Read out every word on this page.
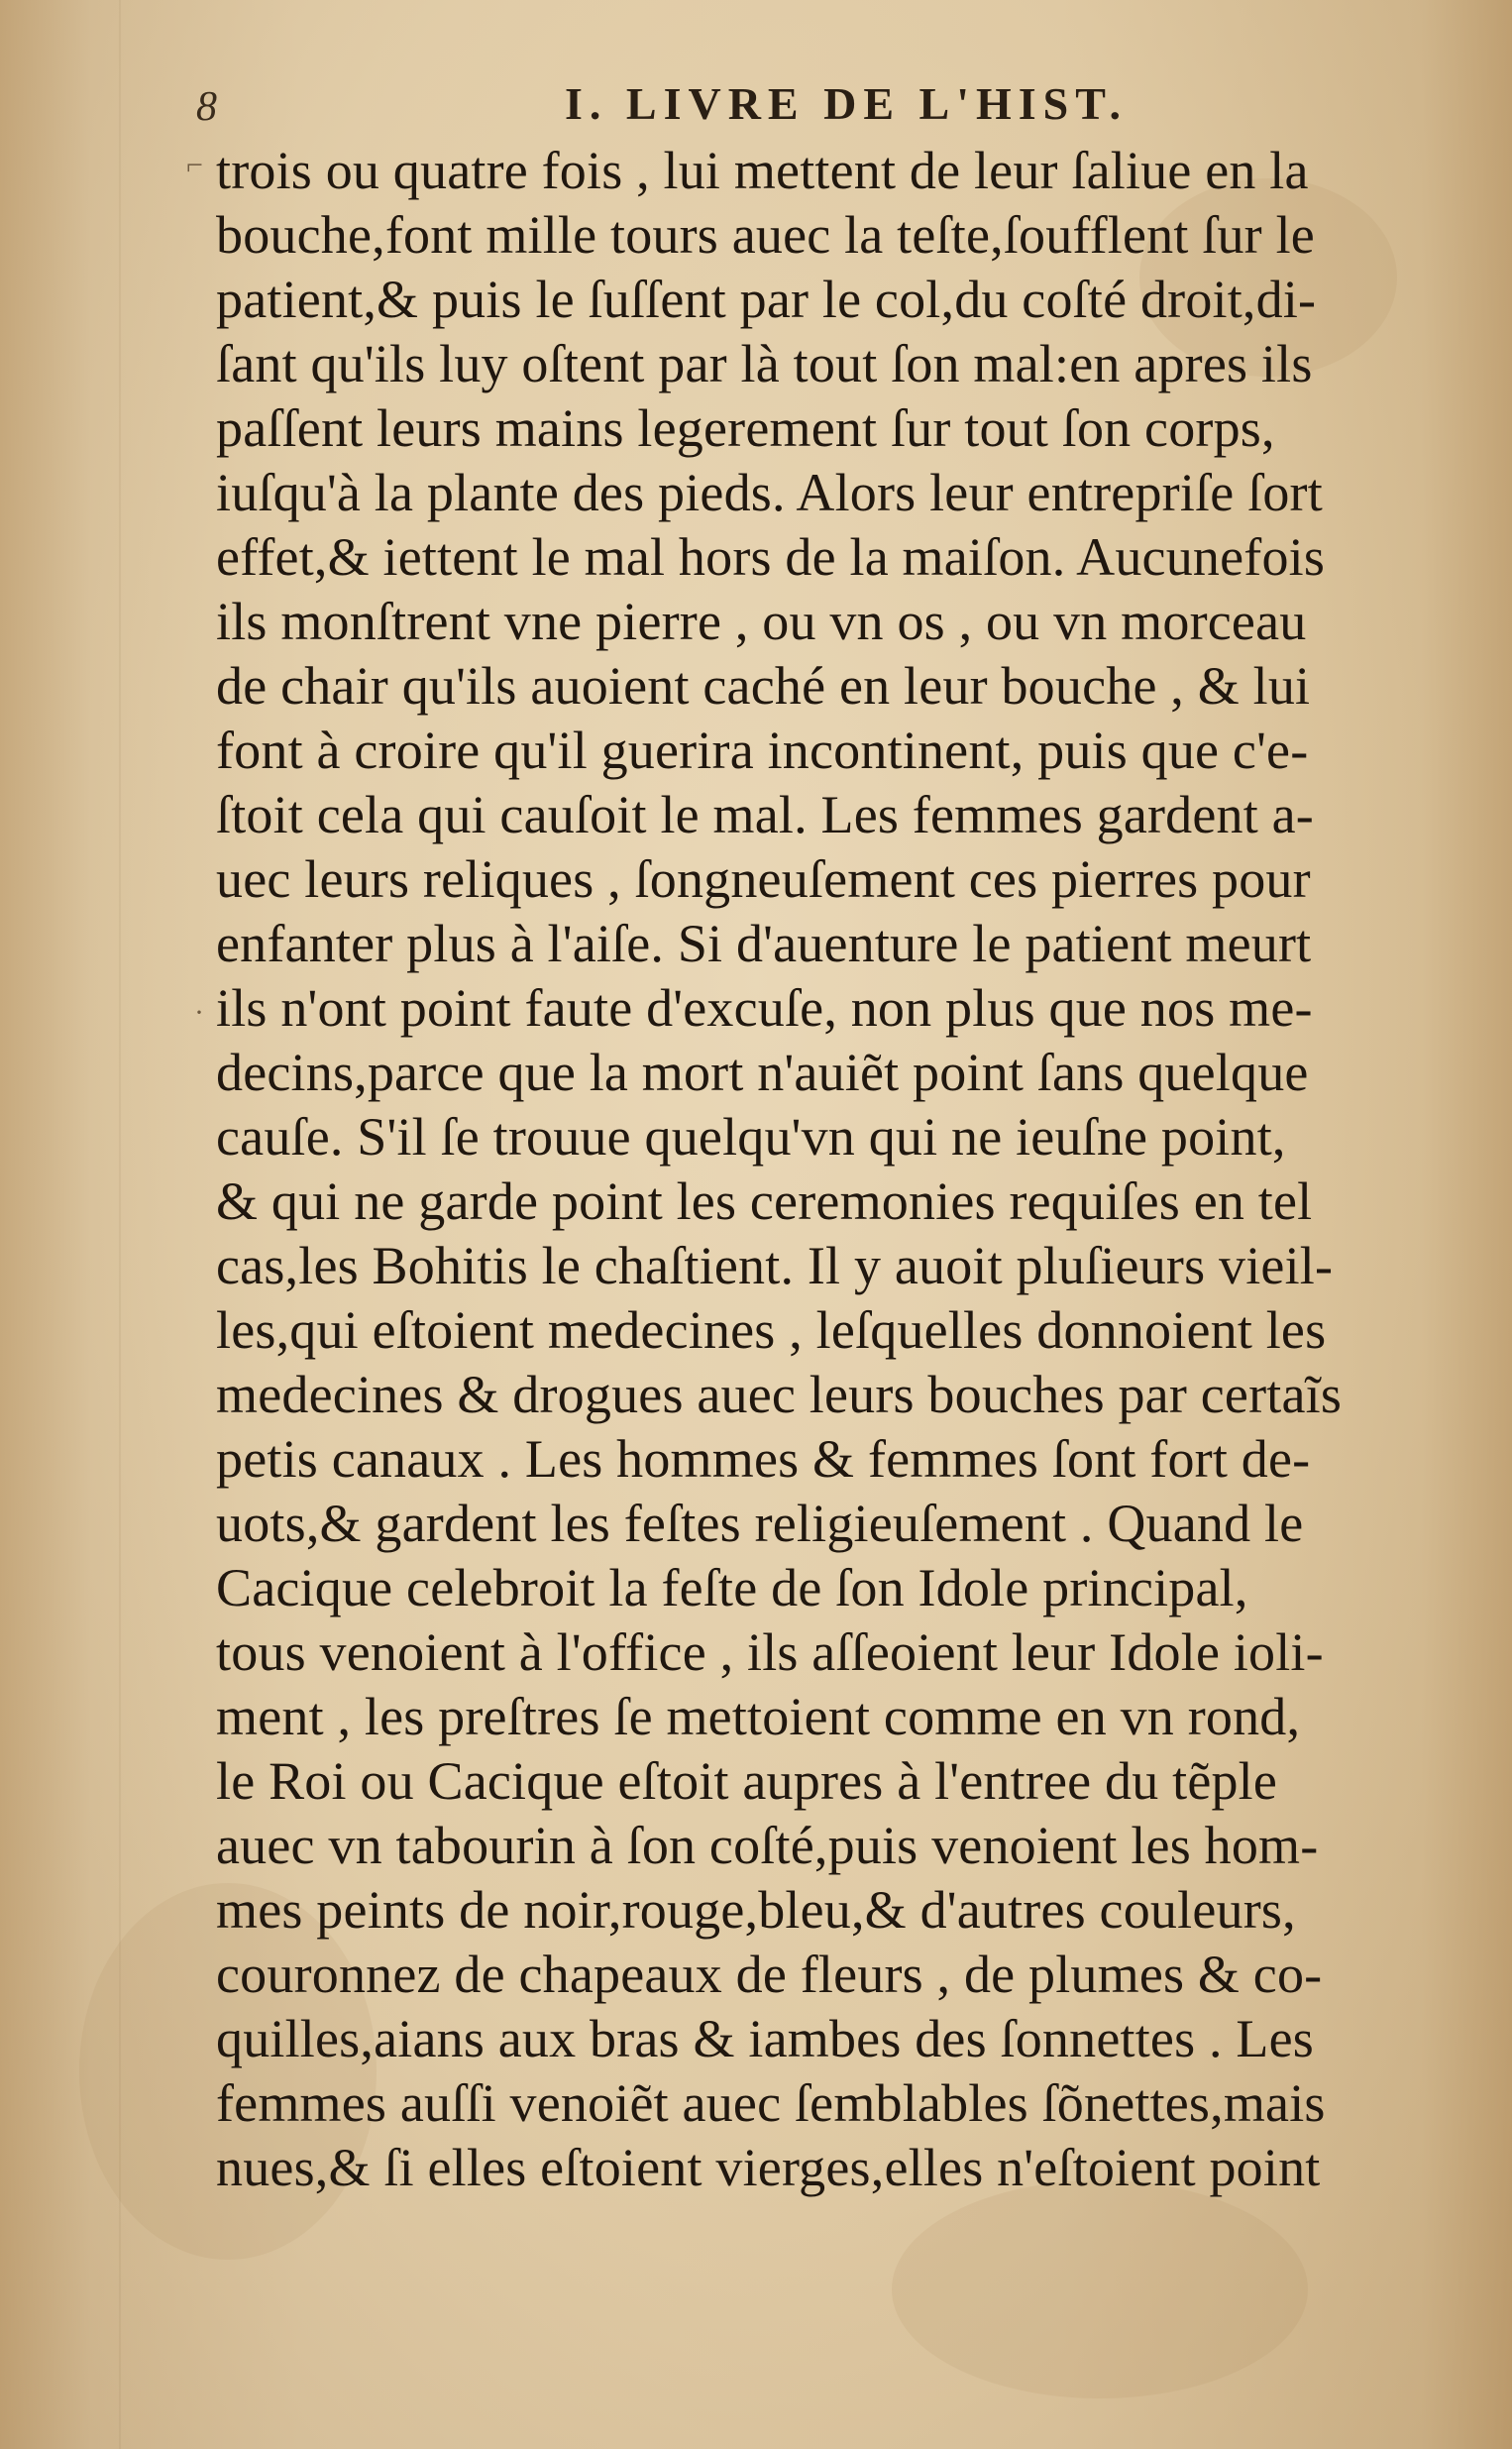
⌐
·
8	I. LIVRE DE L'HIST.
trois ou quatre fois , lui mettent de leur ſaliue en la
bouche,font mille tours auec la teſte,ſoufflent ſur le
patient,& puis le ſuſſent par le col,du coſté droit,di-
ſant qu'ils luy oſtent par là tout ſon mal:en apres ils
paſſent leurs mains legerement ſur tout ſon corps,
iuſqu'à la plante des pieds. Alors leur entrepriſe ſort
effet,& iettent le mal hors de la maiſon. Aucunefois
ils monſtrent vne pierre , ou vn os , ou vn morceau
de chair qu'ils auoient caché en leur bouche , & lui
font à croire qu'il guerira incontinent, puis que c'e-
ſtoit cela qui cauſoit le mal. Les femmes gardent a-
uec leurs reliques , ſongneuſement ces pierres pour
enfanter plus à l'aiſe. Si d'auenture le patient meurt
ils n'ont point faute d'excuſe, non plus que nos me-
decins,parce que la mort n'auiẽt point ſans quelque
cauſe. S'il ſe trouue quelqu'vn qui ne ieuſne point,
& qui ne garde point les ceremonies requiſes en tel
cas,les Bohitis le chaſtient. Il y auoit pluſieurs vieil-
les,qui eſtoient medecines , leſquelles donnoient les
medecines & drogues auec leurs bouches par certaĩs
petis canaux . Les hommes & femmes ſont fort de-
uots,& gardent les feſtes religieuſement . Quand le
Cacique celebroit la feſte de ſon Idole principal,
tous venoient à l'office , ils aſſeoient leur Idole ioli-
ment , les preſtres ſe mettoient comme en vn rond,
le Roi ou Cacique eſtoit aupres à l'entree du tẽple
auec vn tabourin à ſon coſté,puis venoient les hom-
mes peints de noir,rouge,bleu,& d'autres couleurs,
couronnez de chapeaux de fleurs , de plumes & co-
quilles,aians aux bras & iambes des ſonnettes . Les
femmes auſſi venoiẽt auec ſemblables ſõnettes,mais
nues,& ſi elles eſtoient vierges,elles n'eſtoient point
